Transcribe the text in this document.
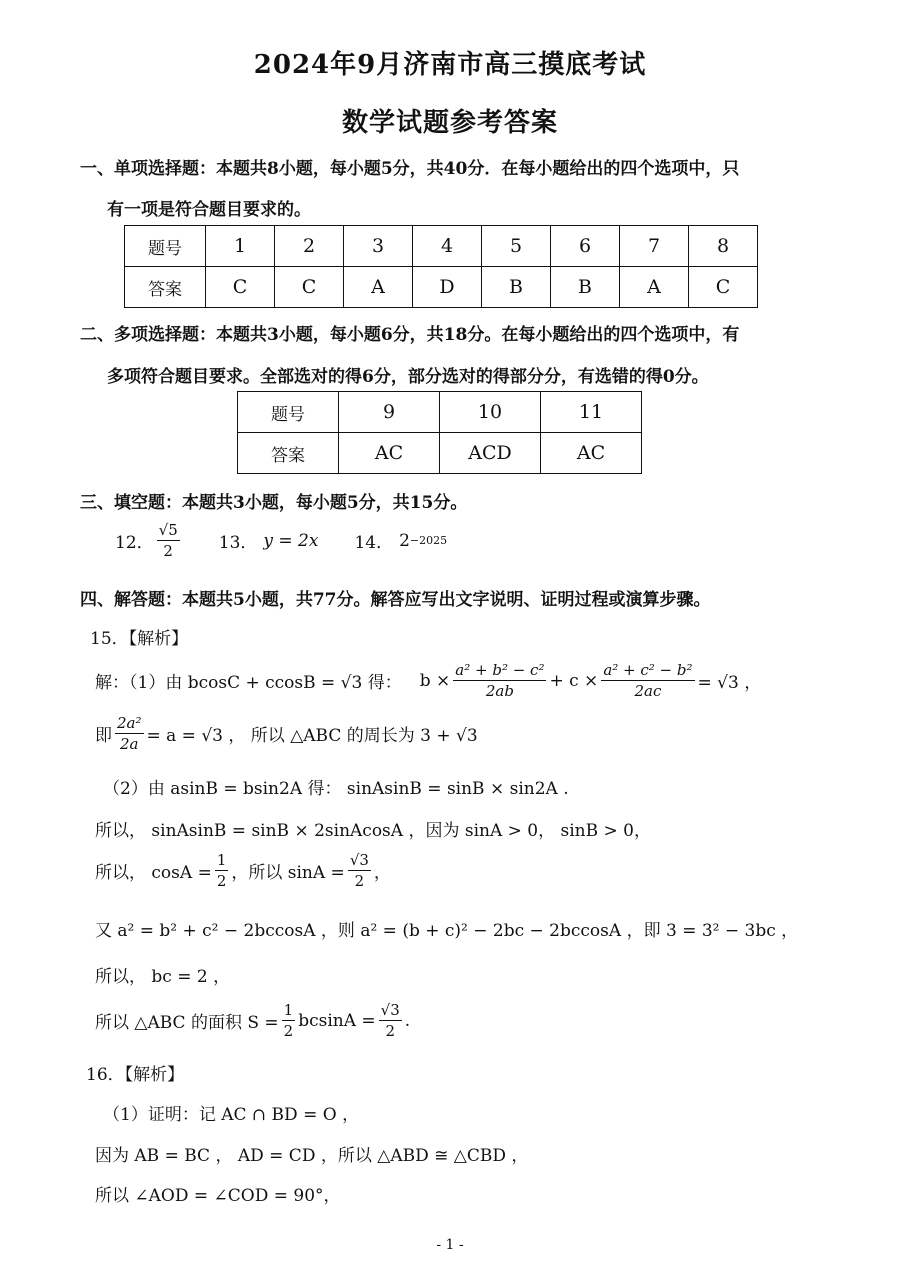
2024年9月济南市高三摸底考试
数学试题参考答案
一、单项选择题：本题共8小题，每小题5分，共40分．在每小题给出的四个选项中，只
有一项是符合题目要求的。
题号	1	2	3	4	5	6	7	8
答案	C	C	A	D	B	B	A	C
二、多项选择题：本题共3小题，每小题6分，共18分。在每小题给出的四个选项中，有
多项符合题目要求。全部选对的得6分，部分选对的得部分分，有选错的得0分。
题号	9	10	11
答案	AC	ACD	AC
三、填空题：本题共3小题，每小题5分，共15分。
12． $\frac{√5}{2} 13$． y = 2x 14． 2 −2025
四、解答题：本题共5小题，共77分。解答应写出文字说明、证明过程或演算步骤。
15．【解析】
解：（1）由 bcosC + ccosB = √3 得： $b \times \frac{\text{a² + b² − c²}}{2ab} + c \times \frac{\text{a² + c² − b²}}{2ac} = √3$ ，
即 $\frac{\text{2a²}}{2a} = a = √3$ ， 所以 △ABC 的周长为 3 + √3
（2）由 asinB = bsin2A 得： sinAsinB = sinB × sin2A .
所以， sinAsinB = sinB × 2sinAcosA ，因为 sinA > 0， sinB > 0，
所以， $\cos A = \frac{1}{2}$ ，所以 $\sin A = \frac{√3}{2}$ ，
又 a² = b² + c² − 2bccosA ，则 a² = (b + c)² − 2bc − 2bccosA ，即 3 = 3² − 3bc ，
所以， bc = 2 ，
所以 △ABC 的面积 $S = \frac{1}{2}$ $bcsinA = \frac{√3}{2}$ .
16．【解析】
（1）证明：记 AC ∩ BD = O ，
因为 AB = BC ， AD = CD ，所以 △ABD ≅ △CBD ，
所以 ∠AOD = ∠COD = 90°，
- 1 -
